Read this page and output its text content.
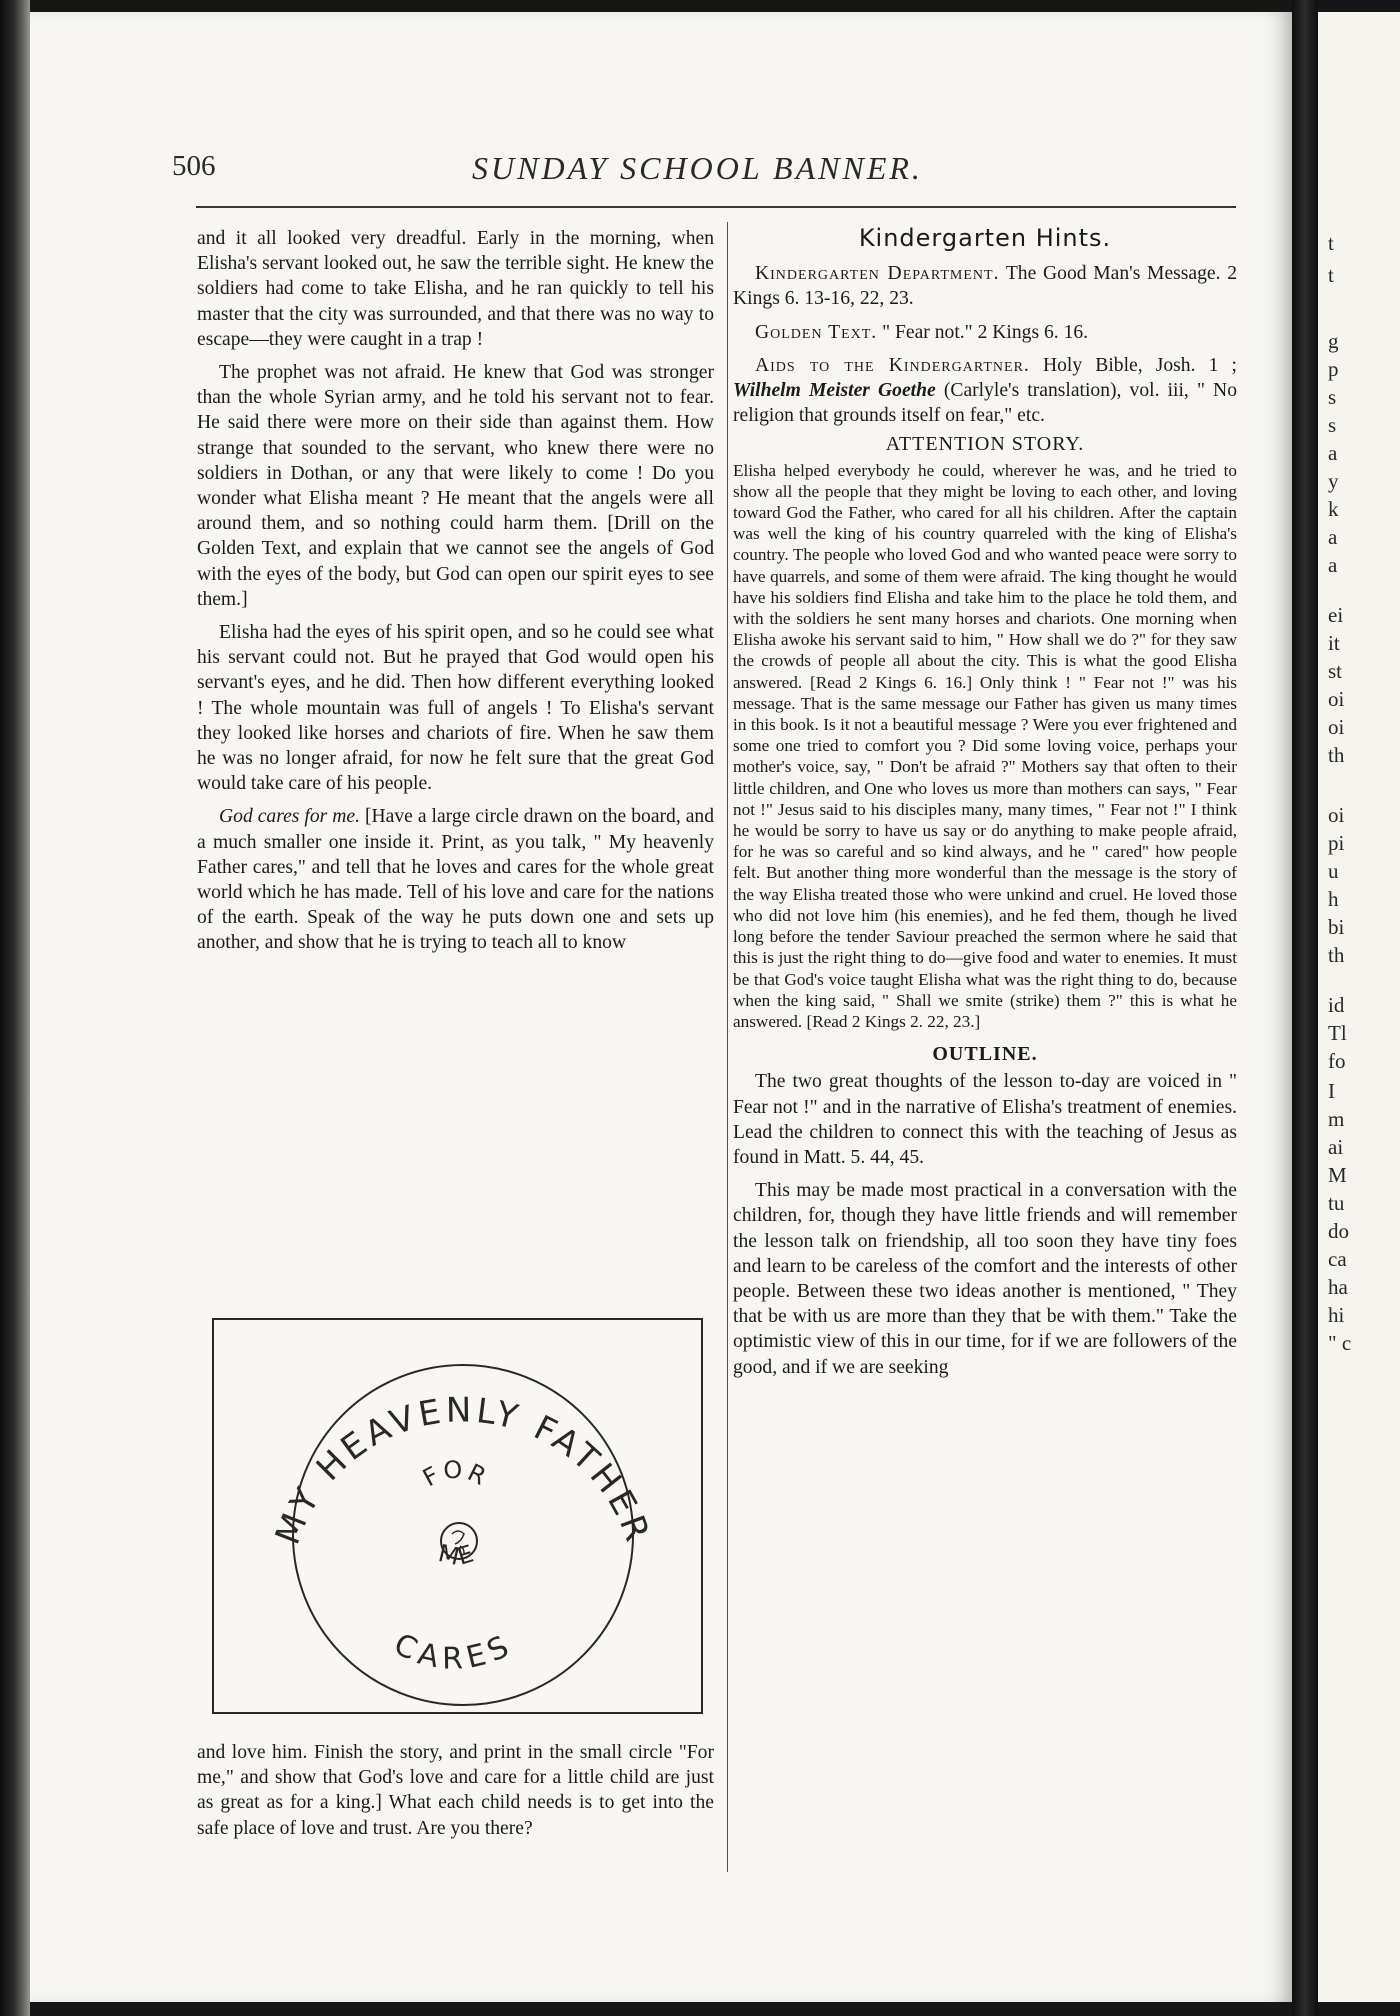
506	SUNDAY SCHOOL BANNER.

and it all looked very dreadful. Early in the morning, when Elisha's servant looked out, he saw the terrible sight. He knew the soldiers had come to take Elisha, and he ran quickly to tell his master that the city was surrounded, and that there was no way to escape—they were caught in a trap !

The prophet was not afraid. He knew that God was stronger than the whole Syrian army, and he told his servant not to fear. He said there were more on their side than against them. How strange that sounded to the servant, who knew there were no soldiers in Dothan, or any that were likely to come ! Do you wonder what Elisha meant ? He meant that the angels were all around them, and so nothing could harm them. [Drill on the Golden Text, and explain that we cannot see the angels of God with the eyes of the body, but God can open our spirit eyes to see them.]

Elisha had the eyes of his spirit open, and so he could see what his servant could not. But he prayed that God would open his servant's eyes, and he did. Then how different everything looked ! The whole mountain was full of angels ! To Elisha's servant they looked like horses and chariots of fire. When he saw them he was no longer afraid, for now he felt sure that the great God would take care of his people.

God cares for me. [Have a large circle drawn on the board, and a much smaller one inside it. Print, as you talk, " My heavenly Father cares," and tell that he loves and cares for the whole great world which he has made. Tell of his love and care for the nations of the earth. Speak of the way he puts down one and sets up another, and show that he is trying to teach all to know

MY HEAVENLY FATHER
CARES
FOR
ME

and love him. Finish the story, and print in the small circle "For me," and show that God's love and care for a little child are just as great as for a king.] What each child needs is to get into the safe place of love and trust. Are you there?

Kindergarten Hints.

Kindergarten Department. The Good Man's Message. 2 Kings 6. 13-16, 22, 23.

Golden Text. " Fear not." 2 Kings 6. 16.

Aids to the Kindergartner. Holy Bible, Josh. 1 ; Wilhelm Meister Goethe (Carlyle's translation), vol. iii, " No religion that grounds itself on fear," etc.

ATTENTION STORY.

Elisha helped everybody he could, wherever he was, and he tried to show all the people that they might be loving to each other, and loving toward God the Father, who cared for all his children. After the captain was well the king of his country quarreled with the king of Elisha's country. The people who loved God and who wanted peace were sorry to have quarrels, and some of them were afraid. The king thought he would have his soldiers find Elisha and take him to the place he told them, and with the soldiers he sent many horses and chariots. One morning when Elisha awoke his servant said to him, " How shall we do ?" for they saw the crowds of people all about the city. This is what the good Elisha answered. [Read 2 Kings 6. 16.] Only think ! " Fear not !" was his message. That is the same message our Father has given us many times in this book. Is it not a beautiful message ? Were you ever frightened and some one tried to comfort you ? Did some loving voice, perhaps your mother's voice, say, " Don't be afraid ?" Mothers say that often to their little children, and One who loves us more than mothers can says, " Fear not !" Jesus said to his disciples many, many times, " Fear not !" I think he would be sorry to have us say or do anything to make people afraid, for he was so careful and so kind always, and he " cared" how people felt. But another thing more wonderful than the message is the story of the way Elisha treated those who were unkind and cruel. He loved those who did not love him (his enemies), and he fed them, though he lived long before the tender Saviour preached the sermon where he said that this is just the right thing to do—give food and water to enemies. It must be that God's voice taught Elisha what was the right thing to do, because when the king said, " Shall we smite (strike) them ?" this is what he answered. [Read 2 Kings 2. 22, 23.]

OUTLINE.

The two great thoughts of the lesson to-day are voiced in " Fear not !" and in the narrative of Elisha's treatment of enemies. Lead the children to connect this with the teaching of Jesus as found in Matt. 5. 44, 45.

This may be made most practical in a conversation with the children, for, though they have little friends and will remember the lesson talk on friendship, all too soon they have tiny foes and learn to be careless of the comfort and the interests of other people. Between these two ideas another is mentioned, " They that be with us are more than they that be with them." Take the optimistic view of this in our time, for if we are followers of the good, and if we are seeking

t
t
g
p
s
s
a
y
k
a
a
ei
it
st
oi
oi
th
oi
pi
u
h
bi
th
id
Tl
fo
I
m
ai
M
tu
do
ca
ha
hi
" c
